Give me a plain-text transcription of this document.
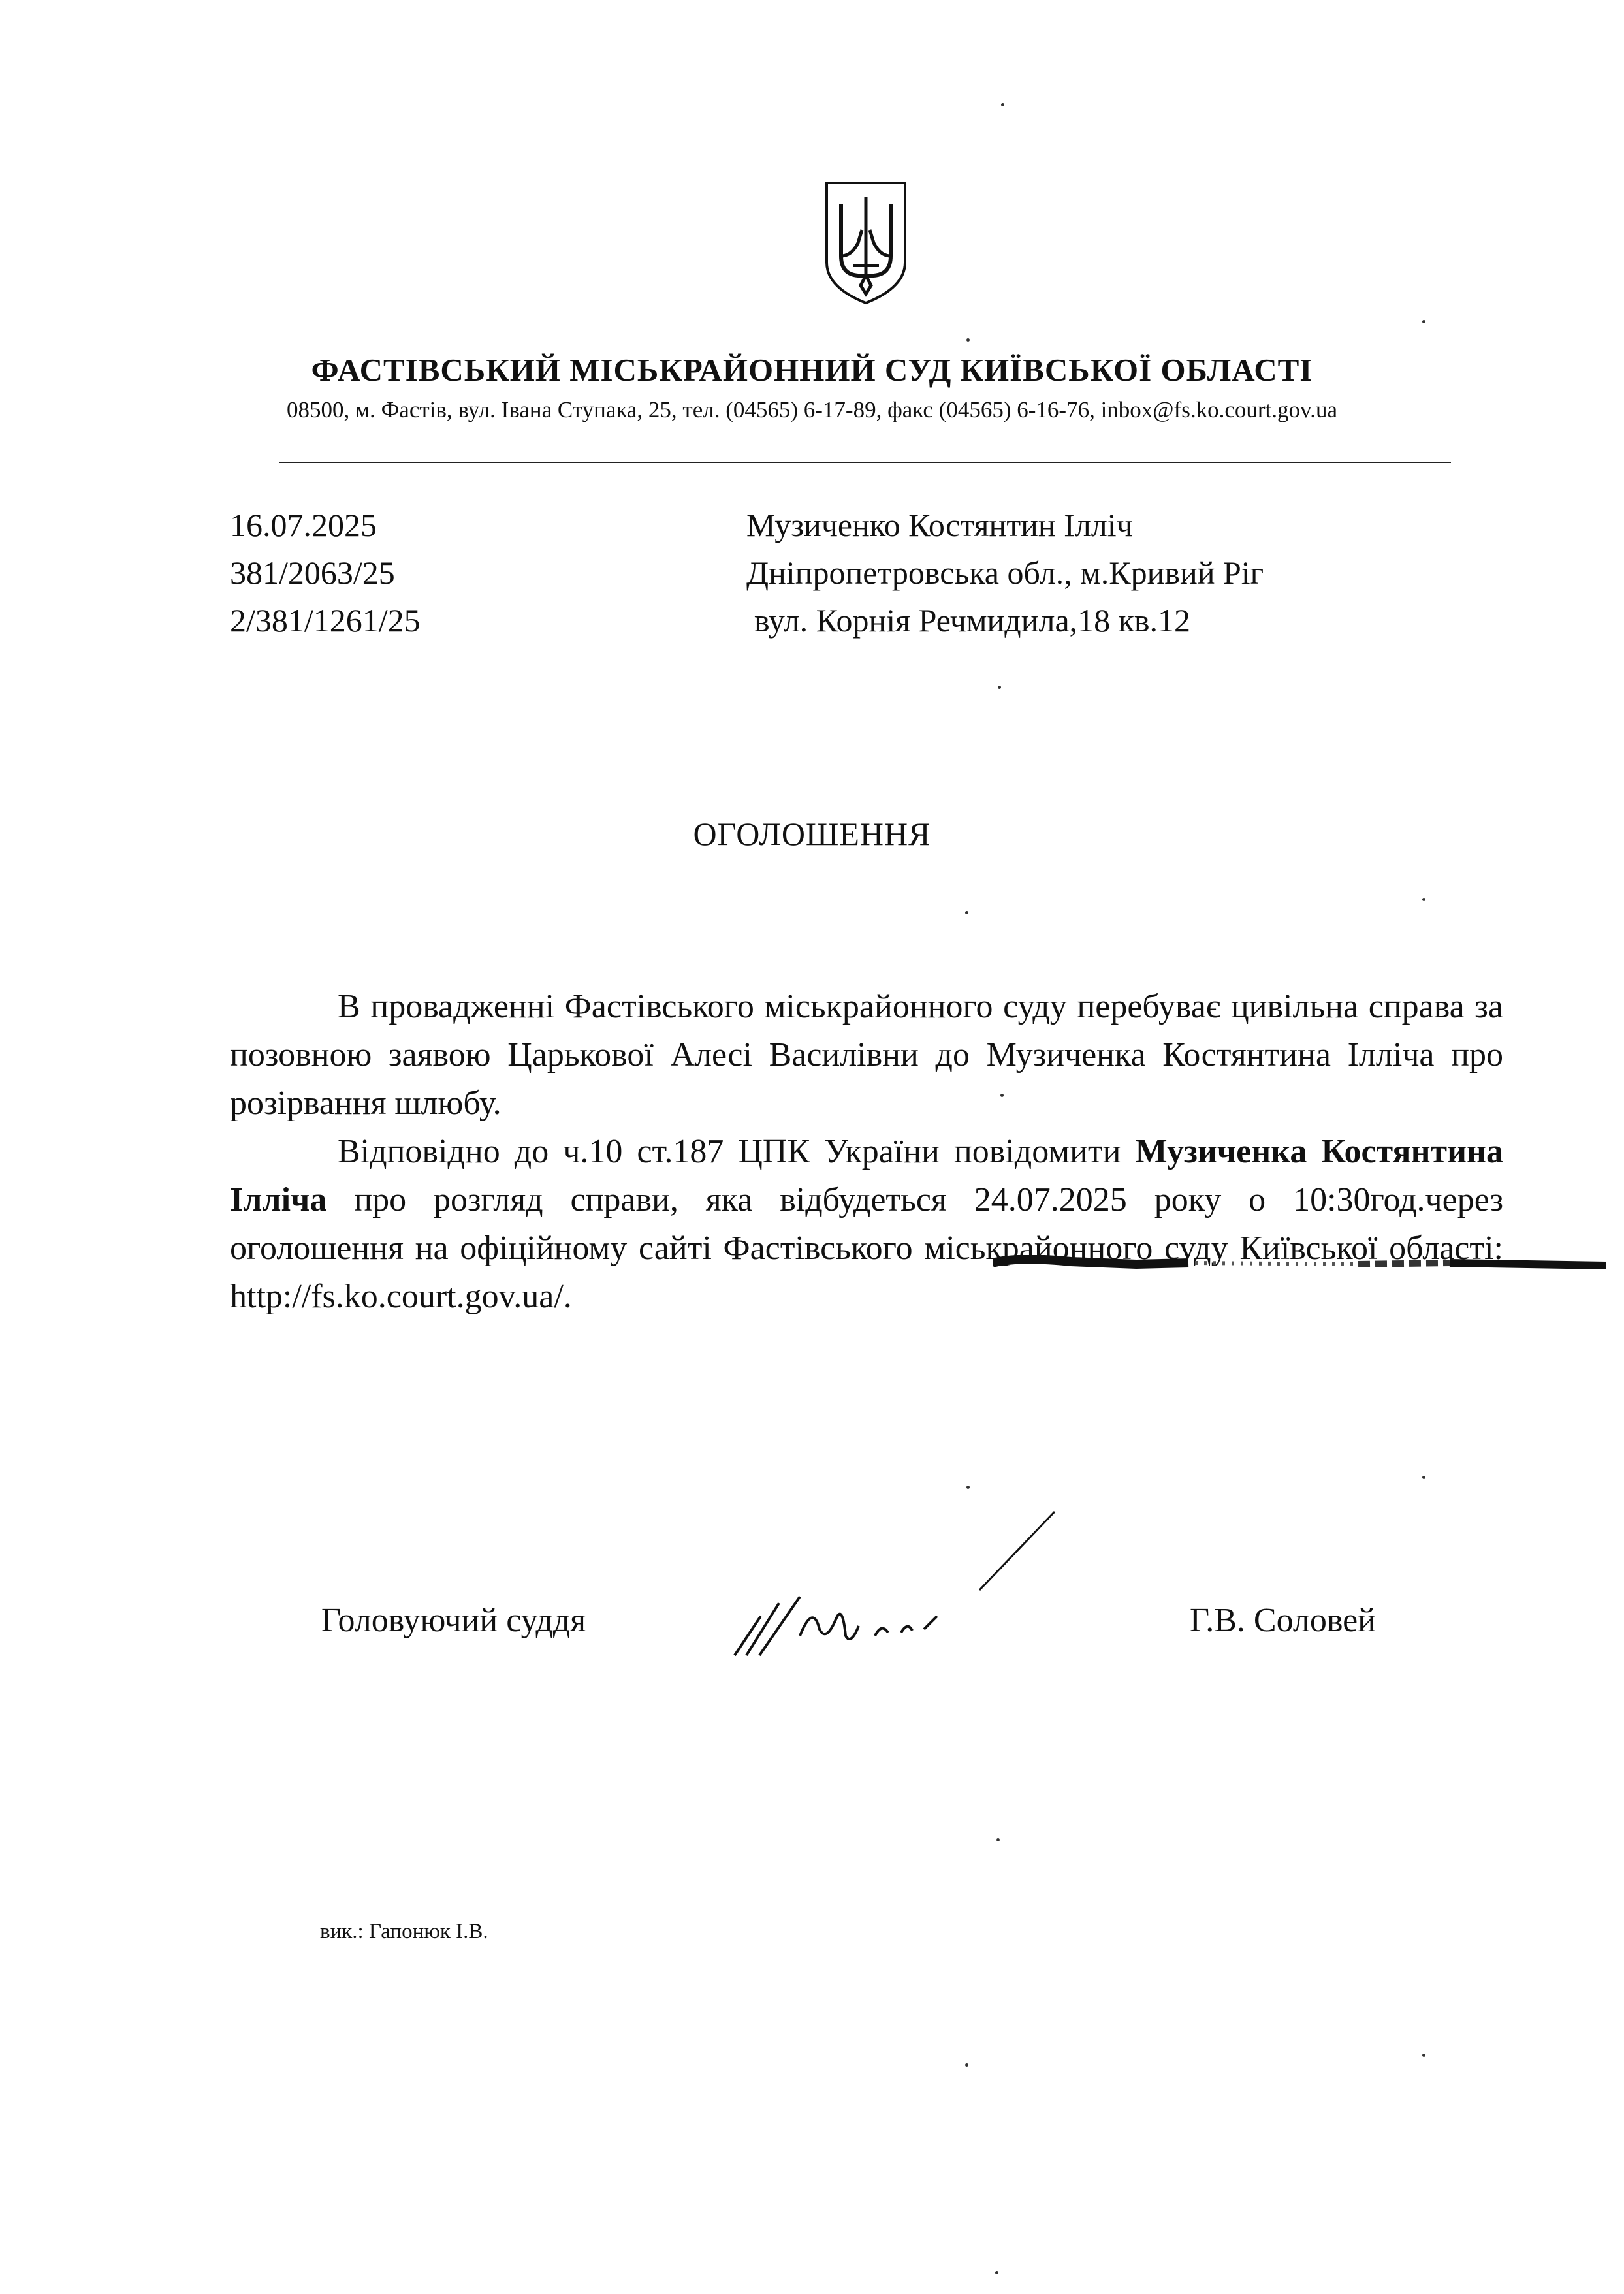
ФАСТІВСЬКИЙ МІСЬКРАЙОННИЙ СУД КИЇВСЬКОЇ ОБЛАСТІ
08500, м. Фастів, вул. Івана Ступака, 25, тел. (04565) 6-17-89, факс (04565) 6-16-76, inbox@fs.ko.court.gov.ua
16.07.2025
381/2063/25
2/381/1261/25
Музиченко Костянтин Ілліч
Дніпропетровська обл., м.Кривий Ріг
вул. Корнія Речмидила,18 кв.12
ОГОЛОШЕННЯ

В провадженні Фастівського міськрайонного суду перебуває цивільна справа за позовною заявою Царькової Алесі Василівни до Музиченка Костянтина Ілліча про розірвання шлюбу.

Відповідно до ч.10 ст.187 ЦПК України повідомити Музиченка Костянтина Ілліча про розгляд справи, яка відбудеться 24.07.2025 року о 10:30год.через оголошення на офіційному сайті Фастівського міськрайонного суду Київської області: http://fs.ko.court.gov.ua/.

Головуючий суддя	Г.В. Соловей
вик.: Гапонюк І.В.
